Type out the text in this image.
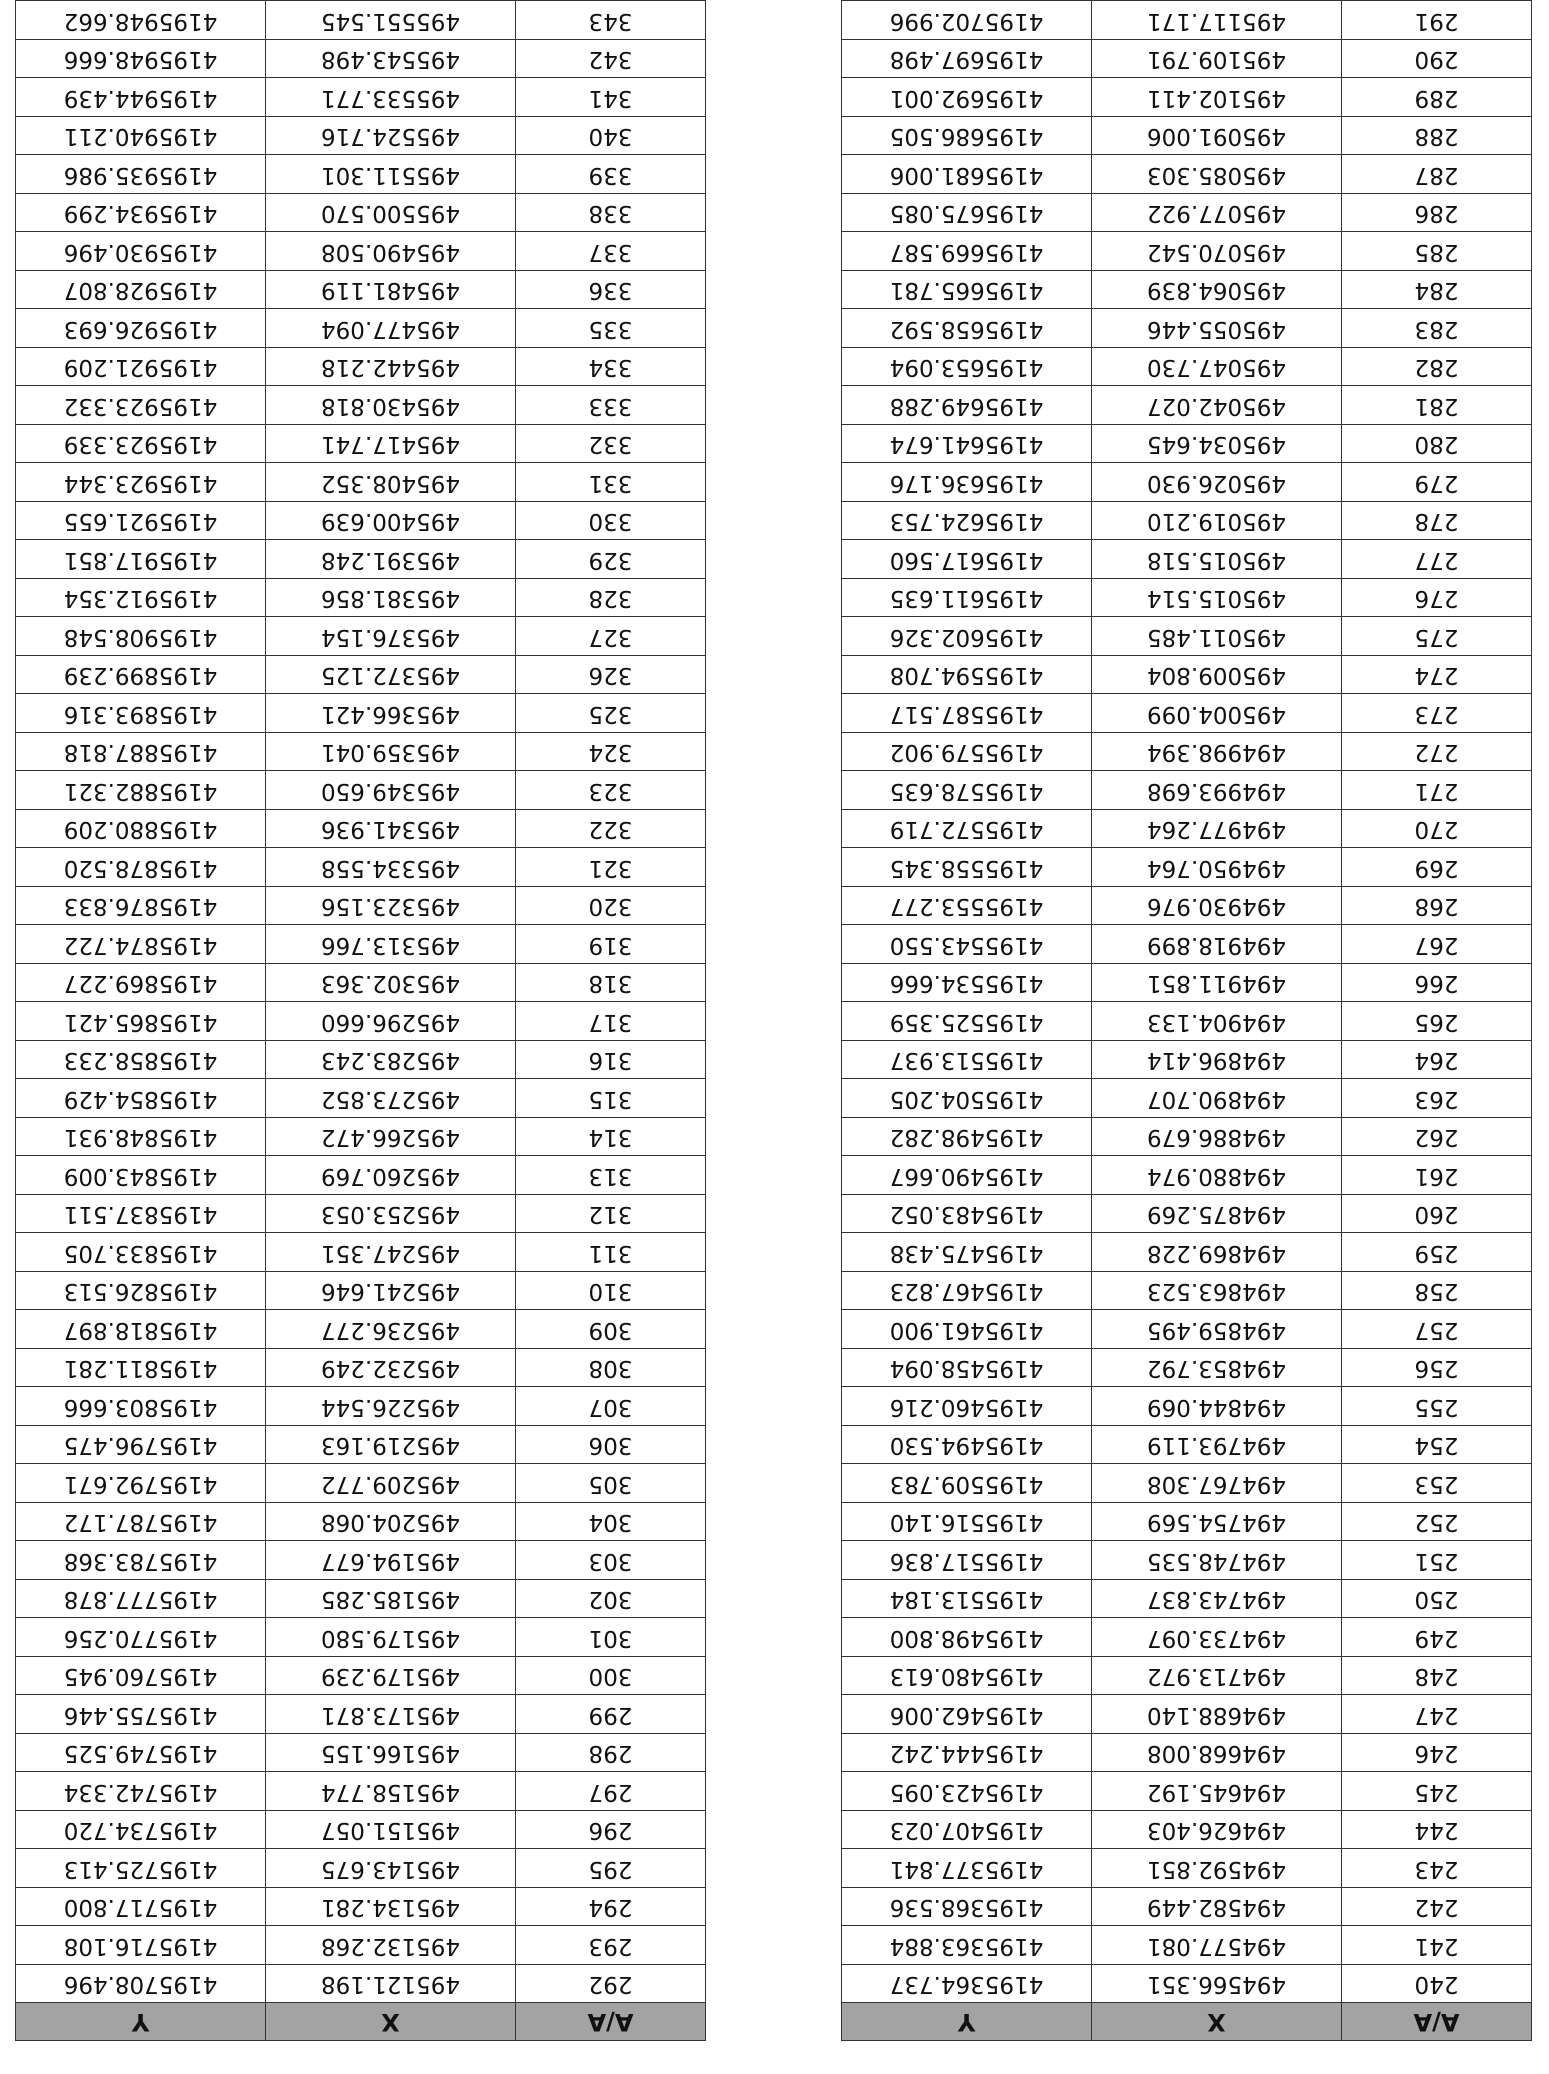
A/A	X	Y
240	494566.351	4195364.737
241	494577.081	4195363.884
242	494582.449	4195368.536
243	494592.851	4195377.841
244	494626.403	4195407.023
245	494645.192	4195423.095
246	494668.008	4195444.242
247	494688.140	4195462.006
248	494713.972	4195480.613
249	494733.097	4195498.800
250	494743.837	4195513.184
251	494748.535	4195517.836
252	494754.569	4195516.140
253	494767.308	4195509.783
254	494793.119	4195494.530
255	494844.069	4195460.216
256	494853.792	4195458.094
257	494859.495	4195461.900
258	494863.523	4195467.823
259	494869.228	4195475.438
260	494875.269	4195483.052
261	494880.974	4195490.667
262	494886.679	4195498.282
263	494890.707	4195504.205
264	494896.414	4195513.937
265	494904.133	4195525.359
266	494911.851	4195534.666
267	494918.899	4195543.550
268	494930.976	4195553.277
269	494950.764	4195558.345
270	494977.264	4195572.719
271	494993.698	4195578.635
272	494998.394	4195579.902
273	495004.099	4195587.517
274	495009.804	4195594.708
275	495011.485	4195602.326
276	495015.514	4195611.635
277	495015.518	4195617.560
278	495019.210	4195624.753
279	495026.930	4195636.176
280	495034.645	4195641.674
281	495042.027	4195649.288
282	495047.730	4195653.094
283	495055.446	4195658.592
284	495064.839	4195665.781
285	495070.542	4195669.587
286	495077.922	4195675.085
287	495085.303	4195681.006
288	495091.006	4195686.505
289	495102.411	4195692.001
290	495109.791	4195697.498
291	495117.171	4195702.996
A/A	X	Y
292	495121.198	4195708.496
293	495132.268	4195716.108
294	495134.281	4195717.800
295	495143.675	4195725.413
296	495151.057	4195734.720
297	495158.774	4195742.334
298	495166.155	4195749.525
299	495173.871	4195755.446
300	495179.239	4195760.945
301	495179.580	4195770.256
302	495185.285	4195777.878
303	495194.677	4195783.368
304	495204.068	4195787.172
305	495209.772	4195792.671
306	495219.163	4195796.475
307	495226.544	4195803.666
308	495232.249	4195811.281
309	495236.277	4195818.897
310	495241.646	4195826.513
311	495247.351	4195833.705
312	495253.053	4195837.511
313	495260.769	4195843.009
314	495266.472	4195848.931
315	495273.852	4195854.429
316	495283.243	4195858.233
317	495296.660	4195865.421
318	495302.363	4195869.227
319	495313.766	4195874.722
320	495323.156	4195876.833
321	495334.558	4195878.520
322	495341.936	4195880.209
323	495349.650	4195882.321
324	495359.041	4195887.818
325	495366.421	4195893.316
326	495372.125	4195899.239
327	495376.154	4195908.548
328	495381.856	4195912.354
329	495391.248	4195917.851
330	495400.639	4195921.655
331	495408.352	4195923.344
332	495417.741	4195923.339
333	495430.818	4195923.332
334	495442.218	4195921.209
335	495477.094	4195926.693
336	495481.119	4195928.807
337	495490.508	4195930.496
338	495500.570	4195934.299
339	495511.301	4195935.986
340	495524.716	4195940.211
341	495533.771	4195944.439
342	495543.498	4195948.666
343	495551.545	4195948.662
